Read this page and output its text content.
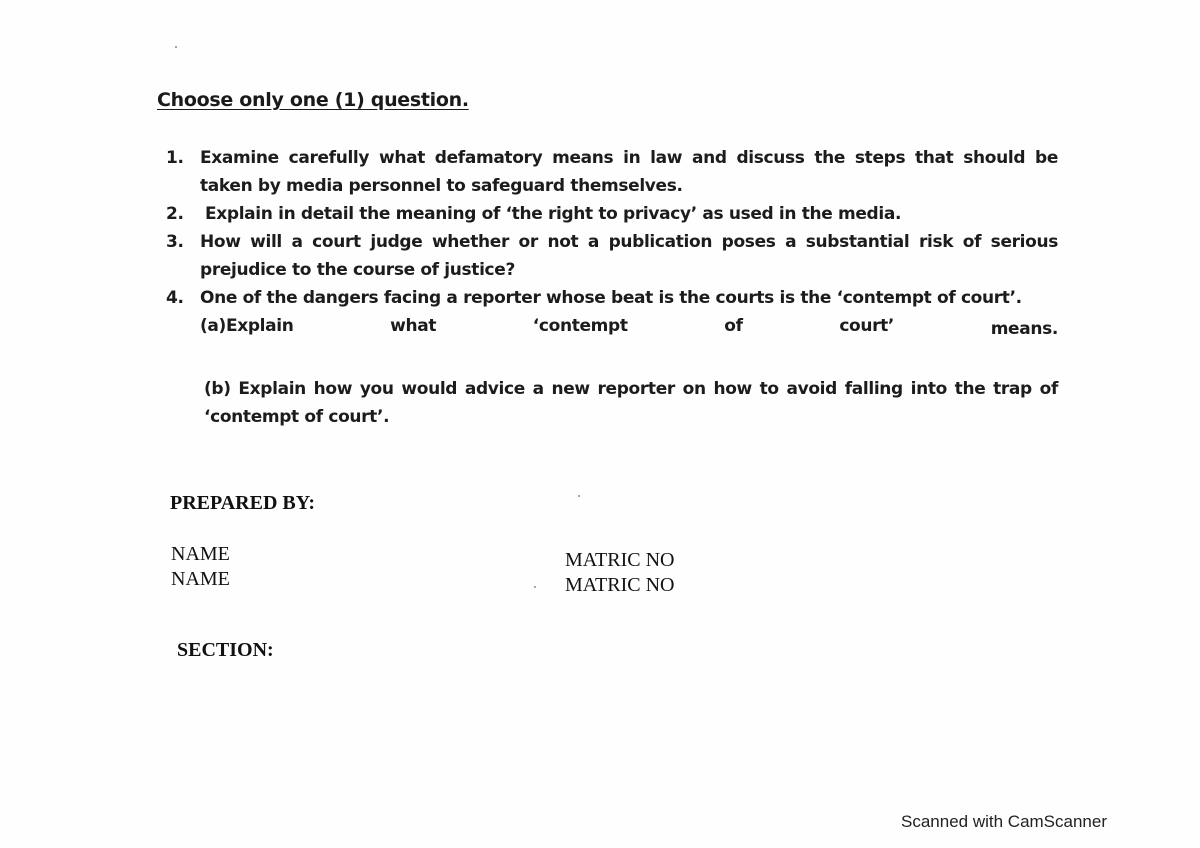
Choose only one (1) question.
1. Examine carefully what defamatory means in law and discuss the steps that should be taken by media personnel to safeguard themselves.
2. Explain in detail the meaning of ‘the right to privacy’ as used in the media.
3. How will a court judge whether or not a publication poses a substantial risk of serious prejudice to the course of justice?
4. One of the dangers facing a reporter whose beat is the courts is the ‘contempt of court’.
(a)Explain	what	‘contempt	of	court’	means.
(b) Explain how you would advice a new reporter on how to avoid falling into the trap of ‘contempt of court’.
PREPARED BY:
NAME
NAME
MATRIC NO
MATRIC NO
SECTION:
Scanned with CamScanner
